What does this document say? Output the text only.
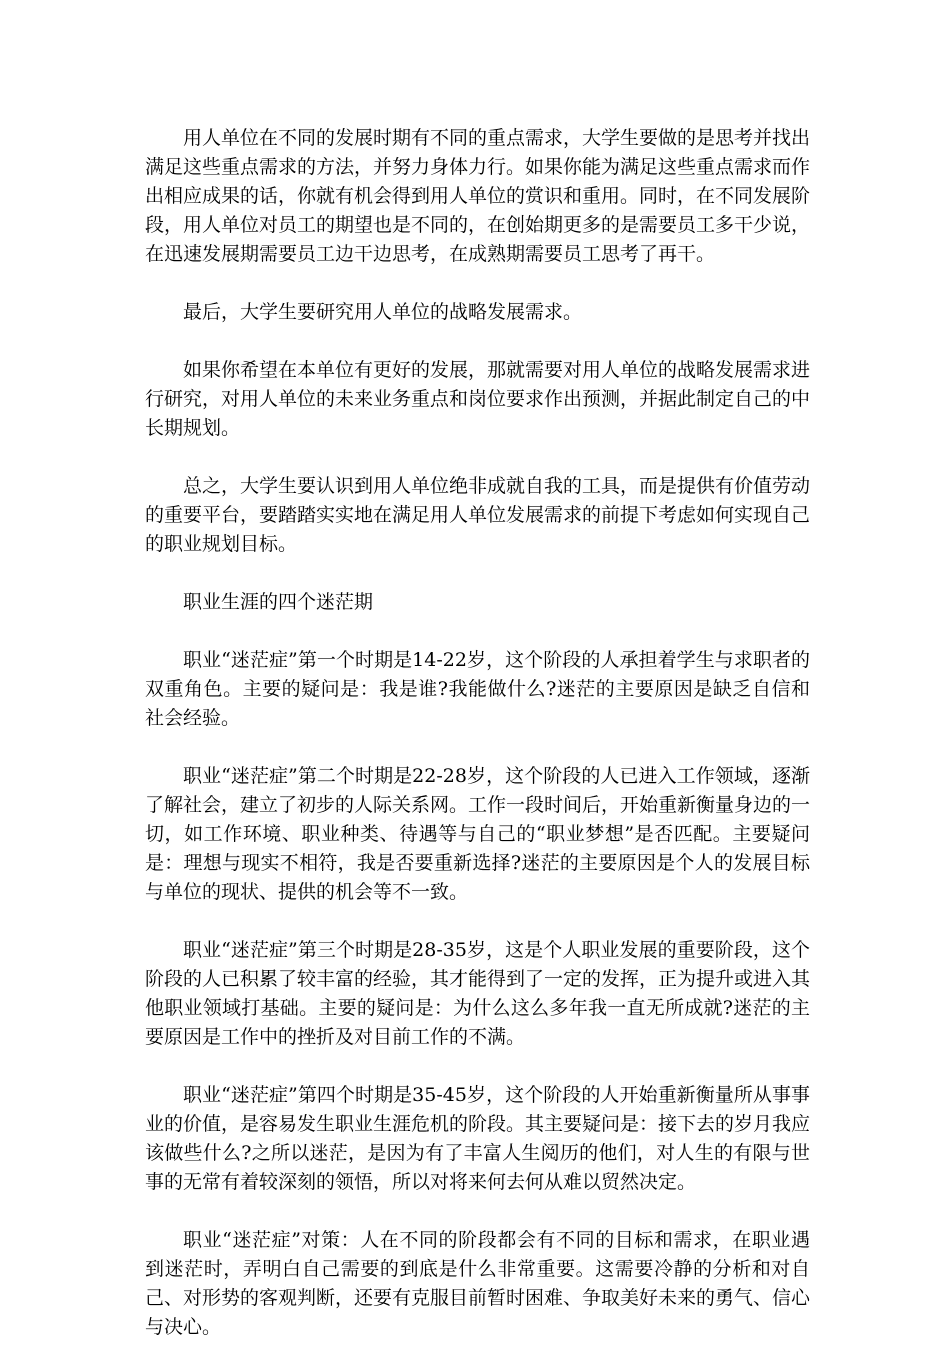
用人单位在不同的发展时期有不同的重点需求，大学生要做的是思考并找出满足这些重点需求的方法，并努力身体力行。如果你能为满足这些重点需求而作出相应成果的话，你就有机会得到用人单位的赏识和重用。同时，在不同发展阶段，用人单位对员工的期望也是不同的，在创始期更多的是需要员工多干少说，在迅速发展期需要员工边干边思考，在成熟期需要员工思考了再干。

最后，大学生要研究用人单位的战略发展需求。

如果你希望在本单位有更好的发展，那就需要对用人单位的战略发展需求进行研究，对用人单位的未来业务重点和岗位要求作出预测，并据此制定自己的中长期规划。

总之，大学生要认识到用人单位绝非成就自我的工具，而是提供有价值劳动的重要平台，要踏踏实实地在满足用人单位发展需求的前提下考虑如何实现自己的职业规划目标。

职业生涯的四个迷茫期

职业“迷茫症”第一个时期是14-22岁，这个阶段的人承担着学生与求职者的双重角色。主要的疑问是：我是谁?我能做什么?迷茫的主要原因是缺乏自信和社会经验。

职业“迷茫症”第二个时期是22-28岁，这个阶段的人已进入工作领域，逐渐了解社会，建立了初步的人际关系网。工作一段时间后，开始重新衡量身边的一切，如工作环境、职业种类、待遇等与自己的“职业梦想”是否匹配。主要疑问是：理想与现实不相符，我是否要重新选择?迷茫的主要原因是个人的发展目标与单位的现状、提供的机会等不一致。

职业“迷茫症”第三个时期是28-35岁，这是个人职业发展的重要阶段，这个阶段的人已积累了较丰富的经验，其才能得到了一定的发挥，正为提升或进入其他职业领域打基础。主要的疑问是：为什么这么多年我一直无所成就?迷茫的主要原因是工作中的挫折及对目前工作的不满。

职业“迷茫症”第四个时期是35-45岁，这个阶段的人开始重新衡量所从事事业的价值，是容易发生职业生涯危机的阶段。其主要疑问是：接下去的岁月我应该做些什么?之所以迷茫，是因为有了丰富人生阅历的他们，对人生的有限与世事的无常有着较深刻的领悟，所以对将来何去何从难以贸然决定。

职业“迷茫症”对策：人在不同的阶段都会有不同的目标和需求，在职业遇到迷茫时，弄明白自己需要的到底是什么非常重要。这需要冷静的分析和对自己、对形势的客观判断，还要有克服目前暂时困难、争取美好未来的勇气、信心与决心。
